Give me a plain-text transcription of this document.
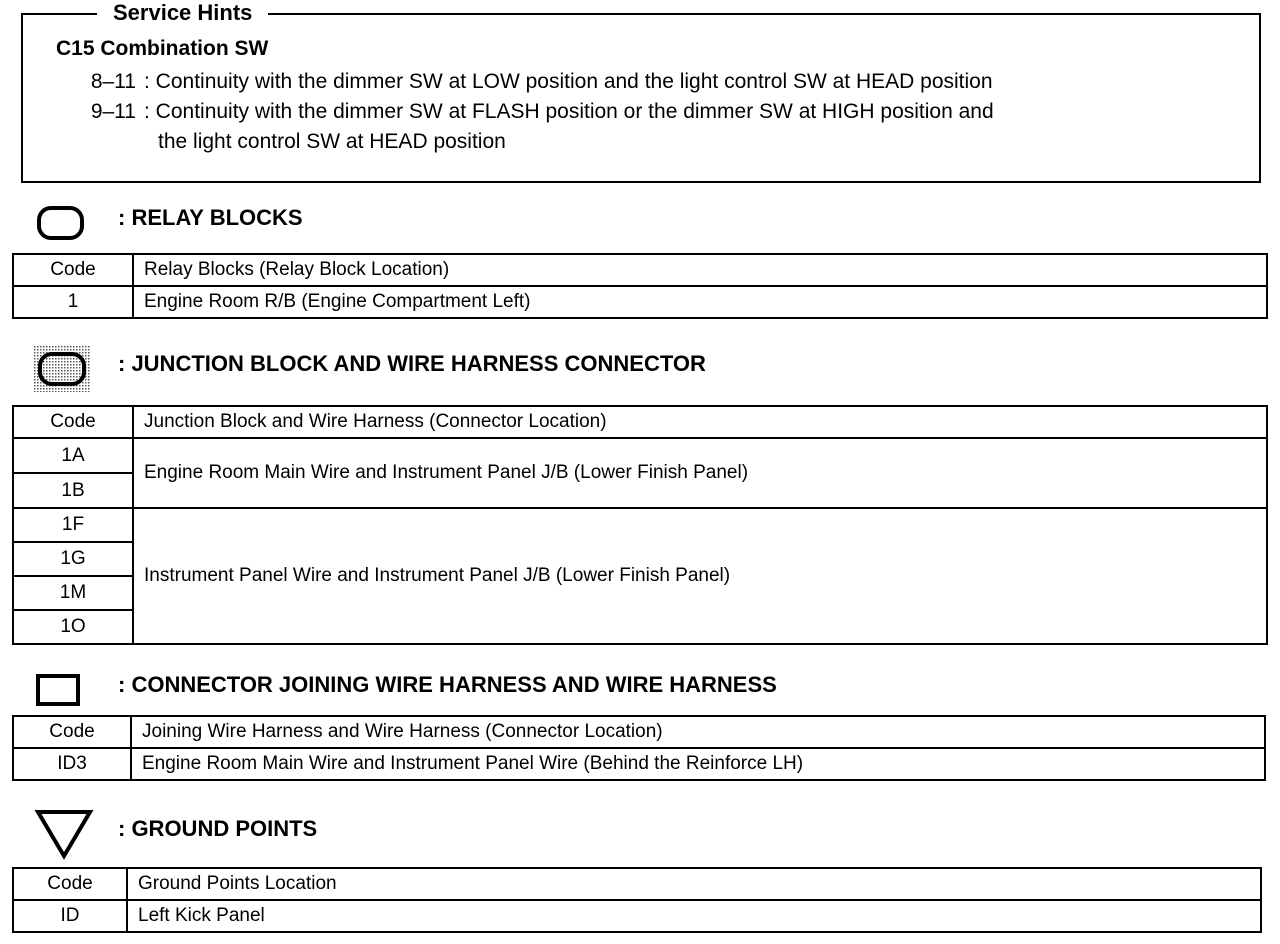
Service Hints
C15 Combination SW
8–11 : Continuity with the dimmer SW at LOW position and the light control SW at HEAD position
9–11 : Continuity with the dimmer SW at FLASH position or the dimmer SW at HIGH position and
the light control SW at HEAD position
: RELAY BLOCKS
Code	Relay Blocks (Relay Block Location)
1	Engine Room R/B (Engine Compartment Left)
: JUNCTION BLOCK AND WIRE HARNESS CONNECTOR
Code	Junction Block and Wire Harness (Connector Location)
1A	Engine Room Main Wire and Instrument Panel J/B (Lower Finish Panel)
1B	
1F	Instrument Panel Wire and Instrument Panel J/B (Lower Finish Panel)
1G	
1M	
1O	
: CONNECTOR JOINING WIRE HARNESS AND WIRE HARNESS
Code	Joining Wire Harness and Wire Harness (Connector Location)
ID3	Engine Room Main Wire and Instrument Panel Wire (Behind the Reinforce LH)
: GROUND POINTS
Code	Ground Points Location
ID	Left Kick Panel
